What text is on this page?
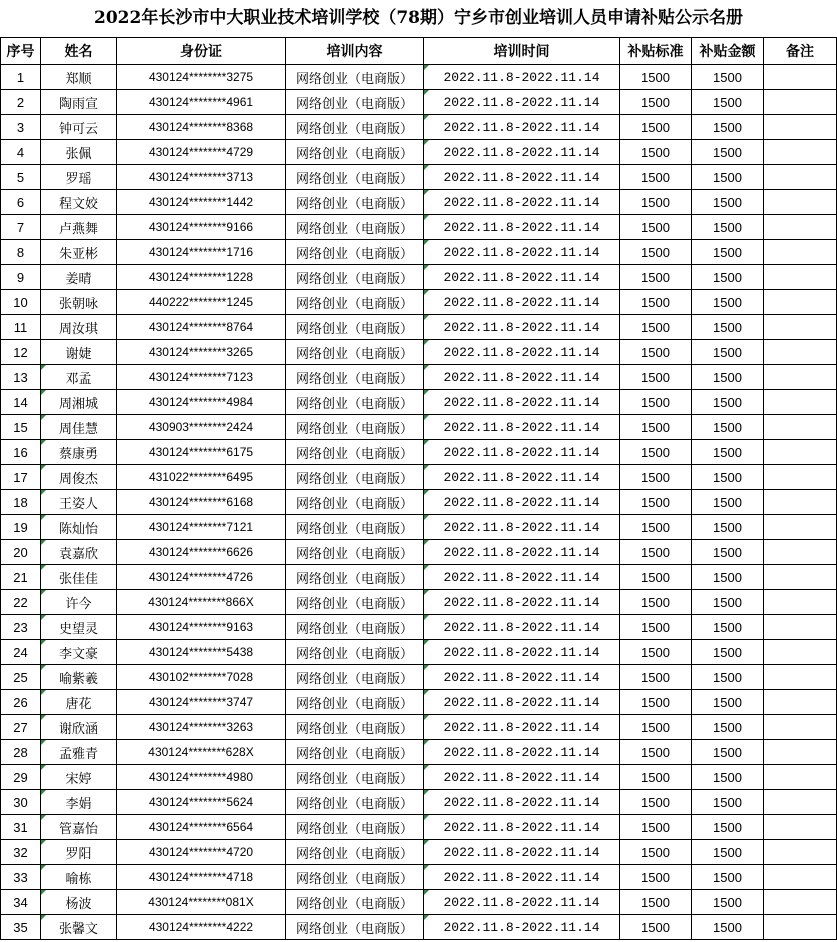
2022年长沙市中大职业技术培训学校（78期）宁乡市创业培训人员申请补贴公示名册
序号	姓名	身份证	培训内容	培训时间	补贴标准	补贴金额	备注
1	郑顺	430124********3275	网络创业（电商版）	2022.11.8-2022.11.14	1500	1500	
2	陶雨宣	430124********4961	网络创业（电商版）	2022.11.8-2022.11.14	1500	1500	
3	钟可云	430124********8368	网络创业（电商版）	2022.11.8-2022.11.14	1500	1500	
4	张佩	430124********4729	网络创业（电商版）	2022.11.8-2022.11.14	1500	1500	
5	罗瑶	430124********3713	网络创业（电商版）	2022.11.8-2022.11.14	1500	1500	
6	程文姣	430124********1442	网络创业（电商版）	2022.11.8-2022.11.14	1500	1500	
7	卢燕舞	430124********9166	网络创业（电商版）	2022.11.8-2022.11.14	1500	1500	
8	朱亚彬	430124********1716	网络创业（电商版）	2022.11.8-2022.11.14	1500	1500	
9	姜晴	430124********1228	网络创业（电商版）	2022.11.8-2022.11.14	1500	1500	
10	张朝咏	440222********1245	网络创业（电商版）	2022.11.8-2022.11.14	1500	1500	
11	周汝琪	430124********8764	网络创业（电商版）	2022.11.8-2022.11.14	1500	1500	
12	谢婕	430124********3265	网络创业（电商版）	2022.11.8-2022.11.14	1500	1500	
13	邓孟	430124********7123	网络创业（电商版）	2022.11.8-2022.11.14	1500	1500	
14	周湘城	430124********4984	网络创业（电商版）	2022.11.8-2022.11.14	1500	1500	
15	周佳慧	430903********2424	网络创业（电商版）	2022.11.8-2022.11.14	1500	1500	
16	蔡康勇	430124********6175	网络创业（电商版）	2022.11.8-2022.11.14	1500	1500	
17	周俊杰	431022********6495	网络创业（电商版）	2022.11.8-2022.11.14	1500	1500	
18	王姿人	430124********6168	网络创业（电商版）	2022.11.8-2022.11.14	1500	1500	
19	陈灿怡	430124********7121	网络创业（电商版）	2022.11.8-2022.11.14	1500	1500	
20	袁嘉欣	430124********6626	网络创业（电商版）	2022.11.8-2022.11.14	1500	1500	
21	张佳佳	430124********4726	网络创业（电商版）	2022.11.8-2022.11.14	1500	1500	
22	许今	430124********866X	网络创业（电商版）	2022.11.8-2022.11.14	1500	1500	
23	史望灵	430124********9163	网络创业（电商版）	2022.11.8-2022.11.14	1500	1500	
24	李文豪	430124********5438	网络创业（电商版）	2022.11.8-2022.11.14	1500	1500	
25	喻紫羲	430102********7028	网络创业（电商版）	2022.11.8-2022.11.14	1500	1500	
26	唐花	430124********3747	网络创业（电商版）	2022.11.8-2022.11.14	1500	1500	
27	谢欣涵	430124********3263	网络创业（电商版）	2022.11.8-2022.11.14	1500	1500	
28	孟雅青	430124********628X	网络创业（电商版）	2022.11.8-2022.11.14	1500	1500	
29	宋婷	430124********4980	网络创业（电商版）	2022.11.8-2022.11.14	1500	1500	
30	李娟	430124********5624	网络创业（电商版）	2022.11.8-2022.11.14	1500	1500	
31	管嘉怡	430124********6564	网络创业（电商版）	2022.11.8-2022.11.14	1500	1500	
32	罗阳	430124********4720	网络创业（电商版）	2022.11.8-2022.11.14	1500	1500	
33	喻栋	430124********4718	网络创业（电商版）	2022.11.8-2022.11.14	1500	1500	
34	杨波	430124********081X	网络创业（电商版）	2022.11.8-2022.11.14	1500	1500	
35	张馨文	430124********4222	网络创业（电商版）	2022.11.8-2022.11.14	1500	1500	
